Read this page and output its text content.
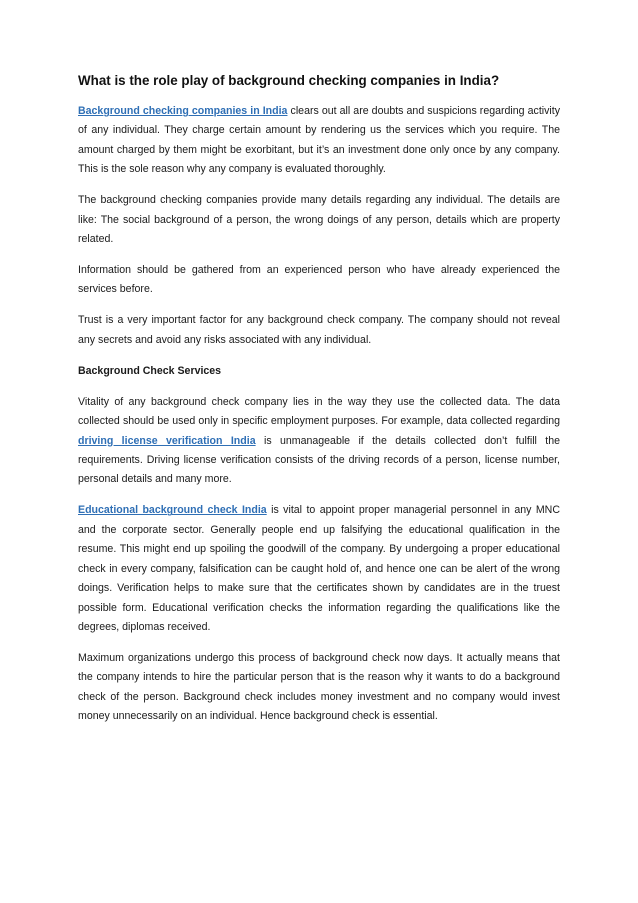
What is the role play of background checking companies in India?

Background checking companies in India clears out all are doubts and suspicions regarding activity of any individual. They charge certain amount by rendering us the services which you require. The amount charged by them might be exorbitant, but it’s an investment done only once by any company. This is the sole reason why any company is evaluated thoroughly.

The background checking companies provide many details regarding any individual. The details are like: The social background of a person, the wrong doings of any person, details which are property related.

Information should be gathered from an experienced person who have already experienced the services before.

Trust is a very important factor for any background check company. The company should not reveal any secrets and avoid any risks associated with any individual.

Background Check Services

Vitality of any background check company lies in the way they use the collected data. The data collected should be used only in specific employment purposes. For example, data collected regarding driving license verification India is unmanageable if the details collected don’t fulfill the requirements. Driving license verification consists of the driving records of a person, license number, personal details and many more.

Educational background check India is vital to appoint proper managerial personnel in any MNC and the corporate sector. Generally people end up falsifying the educational qualification in the resume. This might end up spoiling the goodwill of the company. By undergoing a proper educational check in every company, falsification can be caught hold of, and hence one can be alert of the wrong doings. Verification helps to make sure that the certificates shown by candidates are in the truest possible form. Educational verification checks the information regarding the qualifications like the degrees, diplomas received.

Maximum organizations undergo this process of background check now days. It actually means that the company intends to hire the particular person that is the reason why it wants to do a background check of the person. Background check includes money investment and no company would invest money unnecessarily on an individual. Hence background check is essential.
